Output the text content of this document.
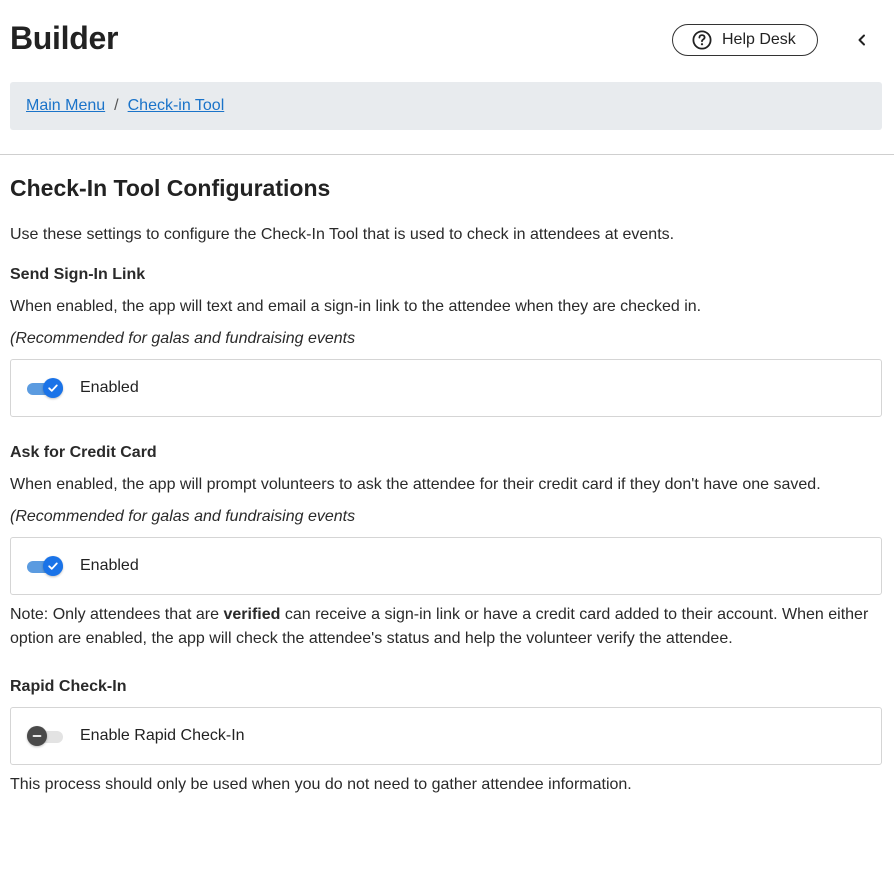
Builder	Help Desk
Main Menu / Check-in Tool
Check-In Tool Configurations
Use these settings to configure the Check-In Tool that is used to check in attendees at events.
Send Sign-In Link
When enabled, the app will text and email a sign-in link to the attendee when they are checked in.
(Recommended for galas and fundraising events
Enabled
Ask for Credit Card
When enabled, the app will prompt volunteers to ask the attendee for their credit card if they don't have one saved.
(Recommended for galas and fundraising events
Enabled
Note: Only attendees that are verified can receive a sign-in link or have a credit card added to their account. When either option are enabled, the app will check the attendee's status and help the volunteer verify the attendee.
Rapid Check-In
Enable Rapid Check-In
This process should only be used when you do not need to gather attendee information.
